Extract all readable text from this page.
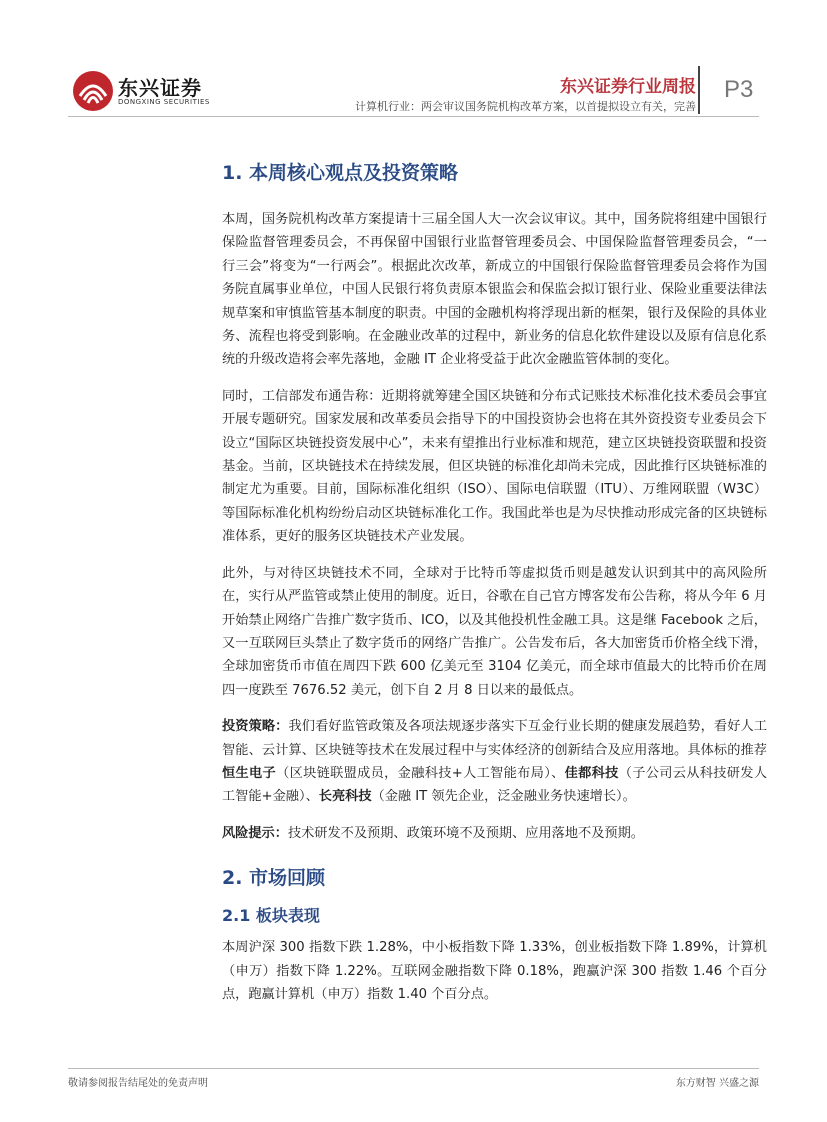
东兴证券
DONGXING SECURITIES
东兴证券行业周报
计算机行业：两会审议国务院机构改革方案，以首提拟设立有关，完善
P3
1. 本周核心观点及投资策略

本周，国务院机构改革方案提请十三届全国人大一次会议审议。其中，国务院将组建中国银行保险监督管理委员会，不再保留中国银行业监督管理委员会、中国保险监督管理委员会，“一行三会”将变为“一行两会”。根据此次改革，新成立的中国银行保险监督管理委员会将作为国务院直属事业单位，中国人民银行将负责原本银监会和保监会拟订银行业、保险业重要法律法规草案和审慎监管基本制度的职责。中国的金融机构将浮现出新的框架，银行及保险的具体业务、流程也将受到影响。在金融业改革的过程中，新业务的信息化软件建设以及原有信息化系统的升级改造将会率先落地，金融 IT 企业将受益于此次金融监管体制的变化。

同时，工信部发布通告称：近期将就筹建全国区块链和分布式记账技术标准化技术委员会事宜开展专题研究。国家发展和改革委员会指导下的中国投资协会也将在其外资投资专业委员会下设立“国际区块链投资发展中心”，未来有望推出行业标准和规范，建立区块链投资联盟和投资基金。当前，区块链技术在持续发展，但区块链的标准化却尚未完成，因此推行区块链标准的制定尤为重要。目前，国际标准化组织（ISO）、国际电信联盟（ITU）、万维网联盟（W3C）等国际标准化机构纷纷启动区块链标准化工作。我国此举也是为尽快推动形成完备的区块链标准体系，更好的服务区块链技术产业发展。

此外，与对待区块链技术不同，全球对于比特币等虚拟货币则是越发认识到其中的高风险所在，实行从严监管或禁止使用的制度。近日，谷歌在自己官方博客发布公告称，将从今年 6 月开始禁止网络广告推广数字货币、ICO，以及其他投机性金融工具。这是继 Facebook 之后，又一互联网巨头禁止了数字货币的网络广告推广。公告发布后，各大加密货币价格全线下滑，全球加密货币市值在周四下跌 600 亿美元至 3104 亿美元，而全球市值最大的比特币价在周四一度跌至 7676.52 美元，创下自 2 月 8 日以来的最低点。

投资策略：我们看好监管政策及各项法规逐步落实下互金行业长期的健康发展趋势，看好人工智能、云计算、区块链等技术在发展过程中与实体经济的创新结合及应用落地。具体标的推荐恒生电子（区块链联盟成员，金融科技+人工智能布局）、佳都科技（子公司云从科技研发人工智能+金融）、长亮科技（金融 IT 领先企业，泛金融业务快速增长）。

风险提示：技术研发不及预期、政策环境不及预期、应用落地不及预期。

2. 市场回顾
2.1 板块表现

本周沪深 300 指数下跌 1.28%，中小板指数下降 1.33%，创业板指数下降 1.89%，计算机（申万）指数下降 1.22%。互联网金融指数下降 0.18%，跑赢沪深 300 指数 1.46 个百分点，跑赢计算机（申万）指数 1.40 个百分点。

敬请参阅报告结尾处的免责声明	东方财智 兴盛之源
